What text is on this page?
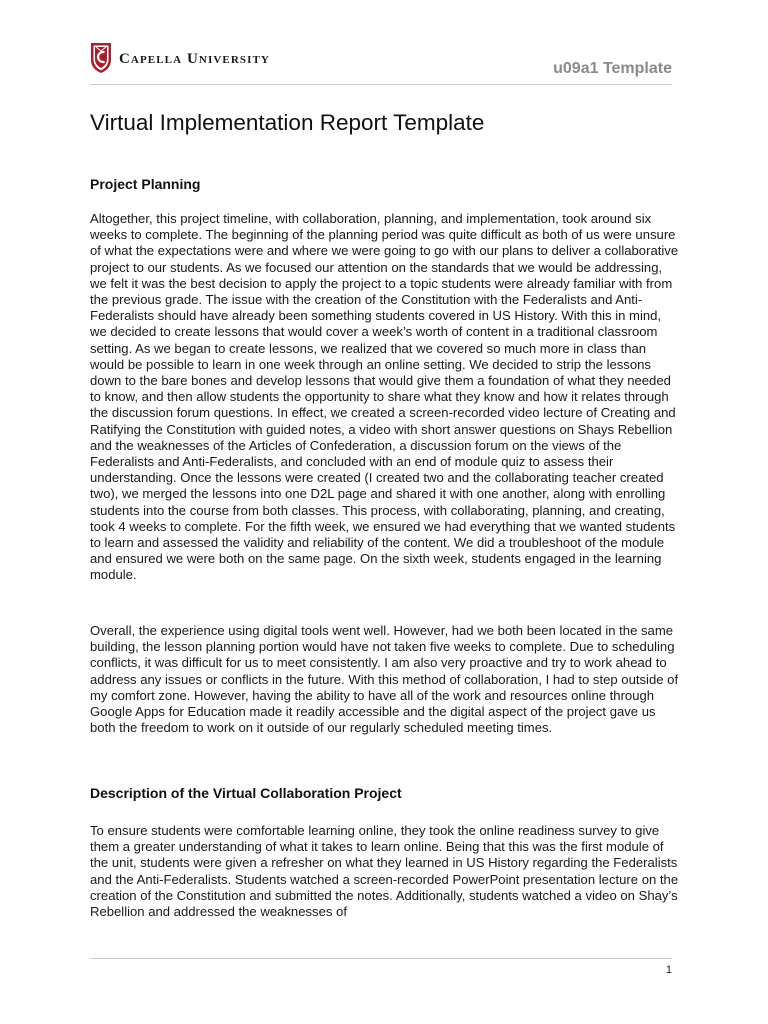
Capella University
u09a1 Template
Virtual Implementation Report Template
Project Planning

Altogether, this project timeline, with collaboration, planning, and implementation, took around six weeks to complete. The beginning of the planning period was quite difficult as both of us were unsure of what the expectations were and where we were going to go with our plans to deliver a collaborative project to our students. As we focused our attention on the standards that we would be addressing, we felt it was the best decision to apply the project to a topic students were already familiar with from the previous grade. The issue with the creation of the Constitution with the Federalists and Anti-Federalists should have already been something students covered in US History. With this in mind, we decided to create lessons that would cover a week’s worth of content in a traditional classroom setting. As we began to create lessons, we realized that we covered so much more in class than would be possible to learn in one week through an online setting. We decided to strip the lessons down to the bare bones and develop lessons that would give them a foundation of what they needed to know, and then allow students the opportunity to share what they know and how it relates through the discussion forum questions. In effect, we created a screen-recorded video lecture of Creating and Ratifying the Constitution with guided notes, a video with short answer questions on Shays Rebellion and the weaknesses of the Articles of Confederation, a discussion forum on the views of the Federalists and Anti-Federalists, and concluded with an end of module quiz to assess their understanding. Once the lessons were created (I created two and the collaborating teacher created two), we merged the lessons into one D2L page and shared it with one another, along with enrolling students into the course from both classes. This process, with collaborating, planning, and creating, took 4 weeks to complete. For the fifth week, we ensured we had everything that we wanted students to learn and assessed the validity and reliability of the content. We did a troubleshoot of the module and ensured we were both on the same page. On the sixth week, students engaged in the learning module.

Overall, the experience using digital tools went well. However, had we both been located in the same building, the lesson planning portion would have not taken five weeks to complete. Due to scheduling conflicts, it was difficult for us to meet consistently. I am also very proactive and try to work ahead to address any issues or conflicts in the future. With this method of collaboration, I had to step outside of my comfort zone. However, having the ability to have all of the work and resources online through Google Apps for Education made it readily accessible and the digital aspect of the project gave us both the freedom to work on it outside of our regularly scheduled meeting times.

Description of the Virtual Collaboration Project

To ensure students were comfortable learning online, they took the online readiness survey to give them a greater understanding of what it takes to learn online. Being that this was the first module of the unit, students were given a refresher on what they learned in US History regarding the Federalists and the Anti-Federalists. Students watched a screen-recorded PowerPoint presentation lecture on the creation of the Constitution and submitted the notes. Additionally, students watched a video on Shay’s Rebellion and addressed the weaknesses of

1
